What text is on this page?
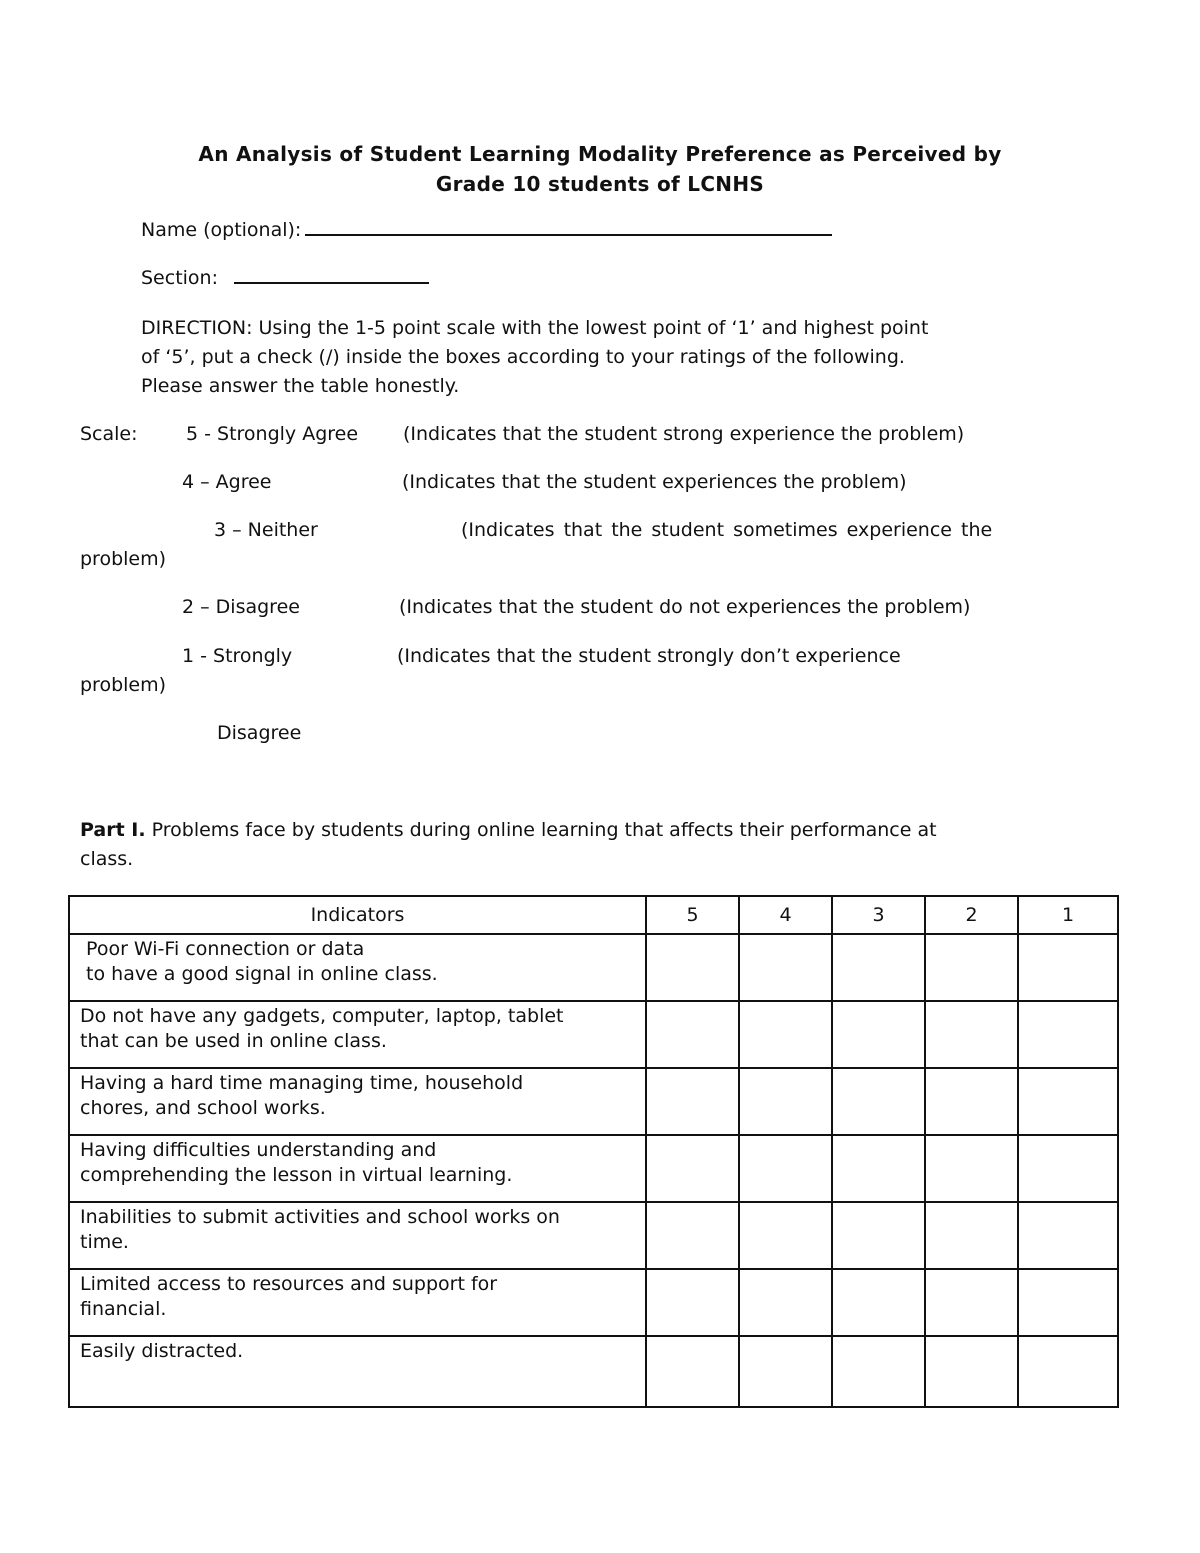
An Analysis of Student Learning Modality Preference as Perceived by
Grade 10 students of LCNHS
Name (optional):
Section:
DIRECTION: Using the 1-5 point scale with the lowest point of ‘1’ and highest point
of ‘5’, put a check (/) inside the boxes according to your ratings of the following.
Please answer the table honestly.
Scale:	5 - Strongly Agree (Indicates that the student strong experience the problem)
4 – Agree	(Indicates that the student experiences the problem)
3 – Neither	(Indicates that the student sometimes experience the
problem)
2 – Disagree	(Indicates that the student do not experiences the problem)
1 - Strongly	(Indicates that the student strongly don’t experience
problem)
Disagree
Part I. Problems face by students during online learning that affects their performance at
class.
Indicators	5	4	3	2	1

Poor Wi-Fi connection or data
to have a good signal in online class.					

Do not have any gadgets, computer, laptop, tablet
that can be used in online class.					

Having a hard time managing time, household
chores, and school works.					

Having difficulties understanding and
comprehending the lesson in virtual learning.					

Inabilities to submit activities and school works on
time.					

Limited access to resources and support for
financial.					

Easily distracted.					
